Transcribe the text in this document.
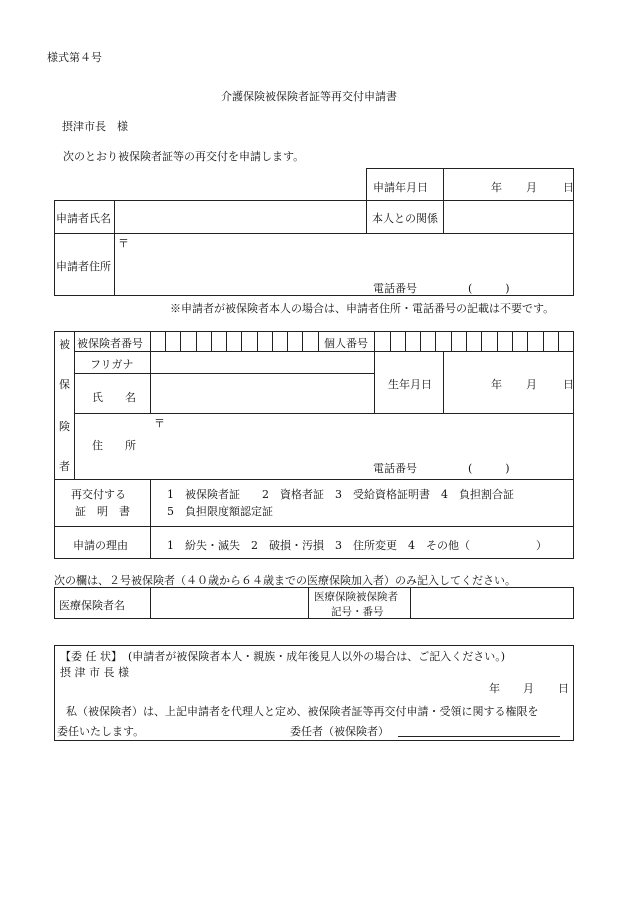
様式第４号
介護保険被保険者証等再交付申請書
摂津市長　様
次のとおり被保険者証等の再交付を申請します。
申請年月日	年 月 日
申請者氏名	本人との関係
申請者住所
〒
電話番号	(　　　)
※申請者が被保険者本人の場合は、申請者住所・電話番号の記載は不要です。
被
保
険
者
被保険者番号	個人番号
フリガナ
氏　　名
生年月日	年 月 日
住　　所
〒
電話番号	(　　　)
再交付する
証　明　書
1　被保険者証　　2　資格者証　3　受給資格証明書　4　負担割合証
5　負担限度額認定証
申請の理由	1　紛失・滅失　2　破損・汚損　3　住所変更　4　その他（　　　　　　）
次の欄は、２号被保険者（４０歳から６４歳までの医療保険加入者）のみ記入してください。
医療保険者名
医療保険被保険者
記号・番号
【委 任 状】 (申請者が被保険者本人・親族・成年後見人以外の場合は、ご記入ください。)
摂 津 市 長 様
年 月 日
私（被保険者）は、上記申請者を代理人と定め、被保険者証等再交付申請・受領に関する権限を
委任いたします。	委任者（被保険者）
